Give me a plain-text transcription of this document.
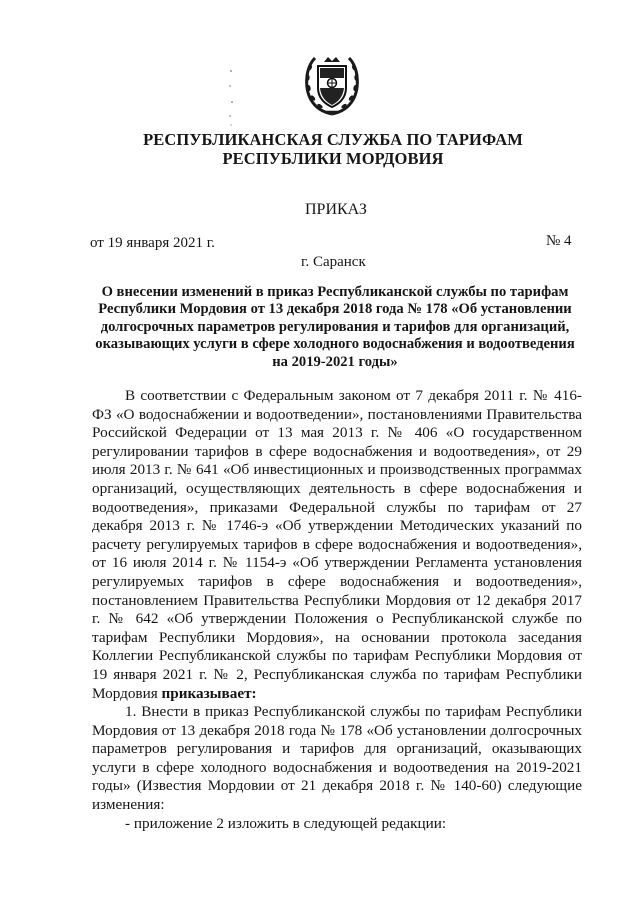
РЕСПУБЛИКАНСКАЯ СЛУЖБА ПО ТАРИФАМ
РЕСПУБЛИКИ МОРДОВИЯ
ПРИКАЗ
от 19 января 2021 г.	№ 4
г. Саранск
О внесении изменений в приказ Республиканской службы по тарифам
Республики Мордовия от 13 декабря 2018 года № 178 «Об установлении
долгосрочных параметров регулирования и тарифов для организаций,
оказывающих услуги в сфере холодного водоснабжения и водоотведения
на 2019-2021 годы»

В соответствии с Федеральным законом от 7 декабря 2011 г. № 416-ФЗ «О водоснабжении и водоотведении», постановлениями Правительства Российской Федерации от 13 мая 2013 г. № 406 «О государственном регулировании тарифов в сфере водоснабжения и водоотведения», от 29 июля 2013 г. № 641 «Об инвестиционных и производственных программах организаций, осуществляющих деятельность в сфере водоснабжения и водоотведения», приказами Федеральной службы по тарифам от 27 декабря 2013 г. № 1746-э «Об утверждении Методических указаний по расчету регулируемых тарифов в сфере водоснабжения и водоотведения», от 16 июля 2014 г. № 1154-э «Об утверждении Регламента установления регулируемых тарифов в сфере водоснабжения и водоотведения», постановлением Правительства Республики Мордовия от 12 декабря 2017 г. № 642 «Об утверждении Положения о Республиканской службе по тарифам Республики Мордовия», на основании протокола заседания Коллегии Республиканской службы по тарифам Республики Мордовия от 19 января 2021 г. № 2, Республиканская служба по тарифам Республики Мордовия приказывает:

1. Внести в приказ Республиканской службы по тарифам Республики Мордовия от 13 декабря 2018 года № 178 «Об установлении долгосрочных параметров регулирования и тарифов для организаций, оказывающих услуги в сфере холодного водоснабжения и водоотведения на 2019-2021 годы» (Известия Мордовии от 21 декабря 2018 г. № 140-60) следующие изменения:

- приложение 2 изложить в следующей редакции:
